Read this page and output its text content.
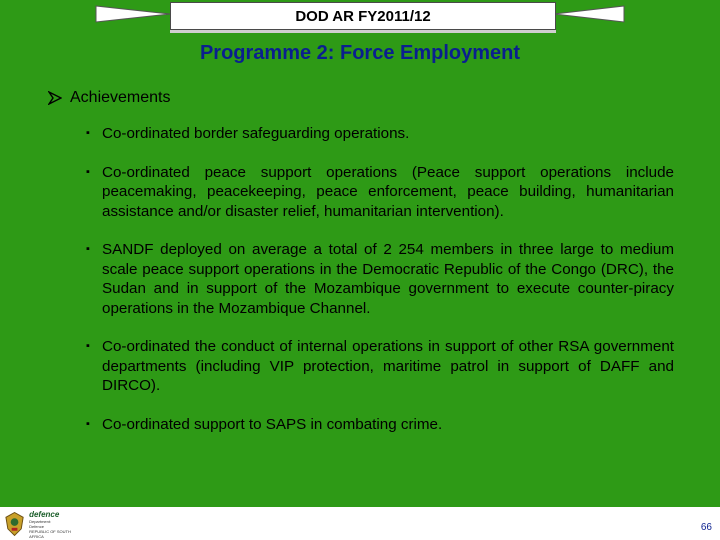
DOD AR FY2011/12
Programme 2: Force Employment
Achievements
▪ Co-ordinated border safeguarding operations.
▪ Co-ordinated peace support operations (Peace support operations include peacemaking, peacekeeping, peace enforcement, peace building, humanitarian assistance and/or disaster relief, humanitarian intervention).
▪ SANDF deployed on average a total of 2 254 members in three large to medium scale peace support operations in the Democratic Republic of the Congo (DRC), the Sudan and in support of the Mozambique government to execute counter-piracy operations in the Mozambique Channel.
▪ Co-ordinated the conduct of internal operations in support of other RSA government departments (including VIP protection, maritime patrol in support of DAFF and DIRCO).
▪ Co-ordinated support to SAPS in combating crime.
defence
Department:
Defence
REPUBLIC OF SOUTH AFRICA
66
